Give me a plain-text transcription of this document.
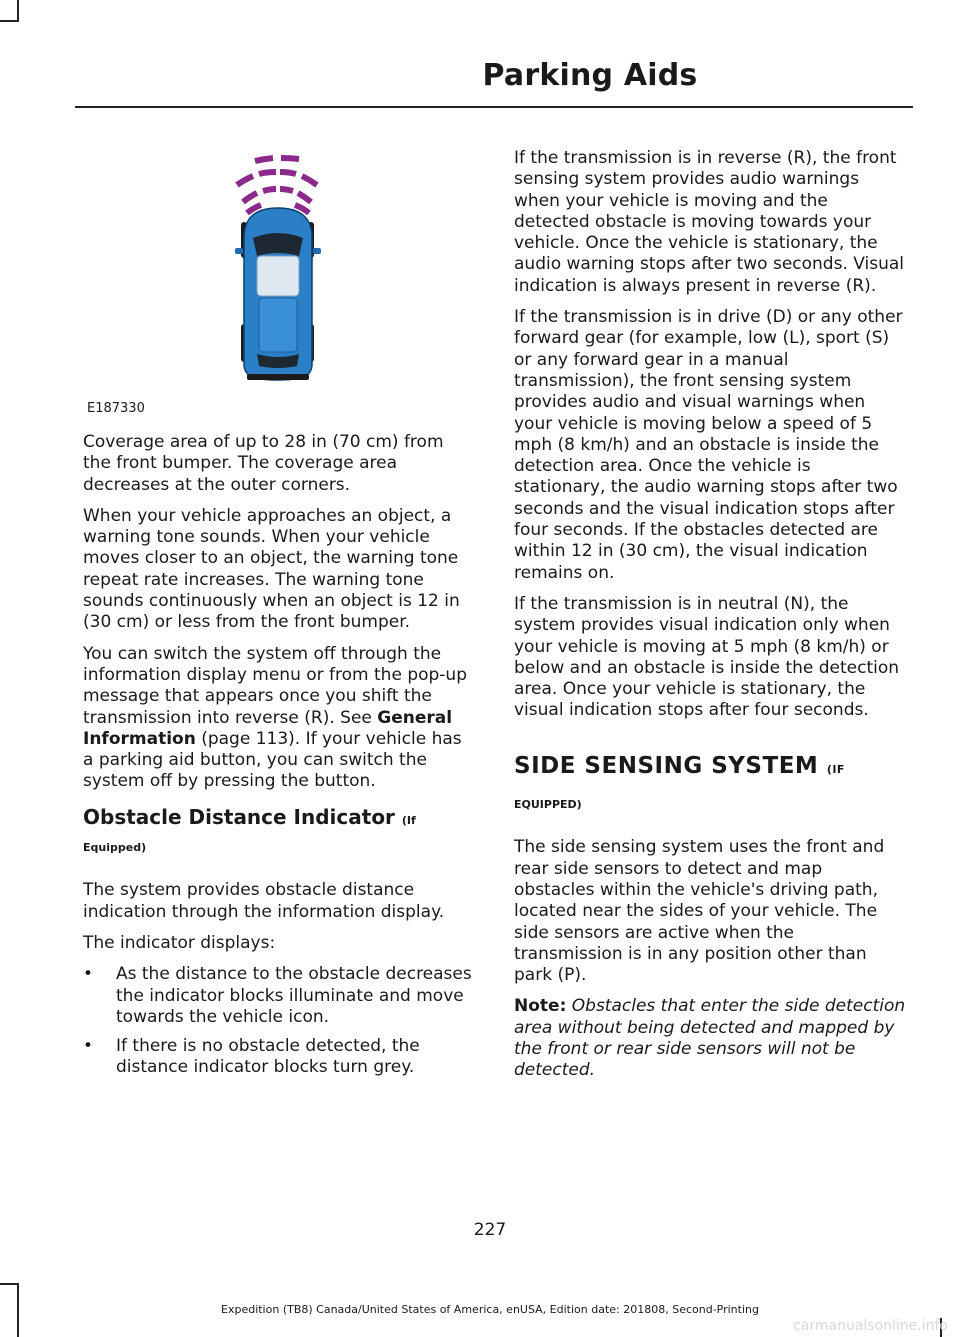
Parking Aids
E187330

Coverage area of up to 28 in (70 cm) from the front bumper. The coverage area decreases at the outer corners.

When your vehicle approaches an object, a warning tone sounds. When your vehicle moves closer to an object, the warning tone repeat rate increases. The warning tone sounds continuously when an object is 12 in (30 cm) or less from the front bumper.

You can switch the system off through the information display menu or from the pop-up message that appears once you shift the transmission into reverse (R). See General Information (page 113). If your vehicle has a parking aid button, you can switch the system off by pressing the button.

Obstacle Distance Indicator (If
Equipped)

The system provides obstacle distance indication through the information display.

The indicator displays:

• As the distance to the obstacle decreases the indicator blocks illuminate and move towards the vehicle icon.
• If there is no obstacle detected, the distance indicator blocks turn grey.

If the transmission is in reverse (R), the front sensing system provides audio warnings when your vehicle is moving and the detected obstacle is moving towards your vehicle. Once the vehicle is stationary, the audio warning stops after two seconds. Visual indication is always present in reverse (R).

If the transmission is in drive (D) or any other forward gear (for example, low (L), sport (S) or any forward gear in a manual transmission), the front sensing system provides audio and visual warnings when your vehicle is moving below a speed of 5 mph (8 km/h) and an obstacle is inside the detection area. Once the vehicle is stationary, the audio warning stops after two seconds and the visual indication stops after four seconds. If the obstacles detected are within 12 in (30 cm), the visual indication remains on.

If the transmission is in neutral (N), the system provides visual indication only when your vehicle is moving at 5 mph (8 km/h) or below and an obstacle is inside the detection area. Once your vehicle is stationary, the visual indication stops after four seconds.

SIDE SENSING SYSTEM (IF
EQUIPPED)

The side sensing system uses the front and rear side sensors to detect and map obstacles within the vehicle's driving path, located near the sides of your vehicle. The side sensors are active when the transmission is in any position other than park (P).

Note: Obstacles that enter the side detection area without being detected and mapped by the front or rear side sensors will not be detected.

227
Expedition (TB8) Canada/United States of America, enUSA, Edition date: 201808, Second-Printing
carmanualsonline.info
